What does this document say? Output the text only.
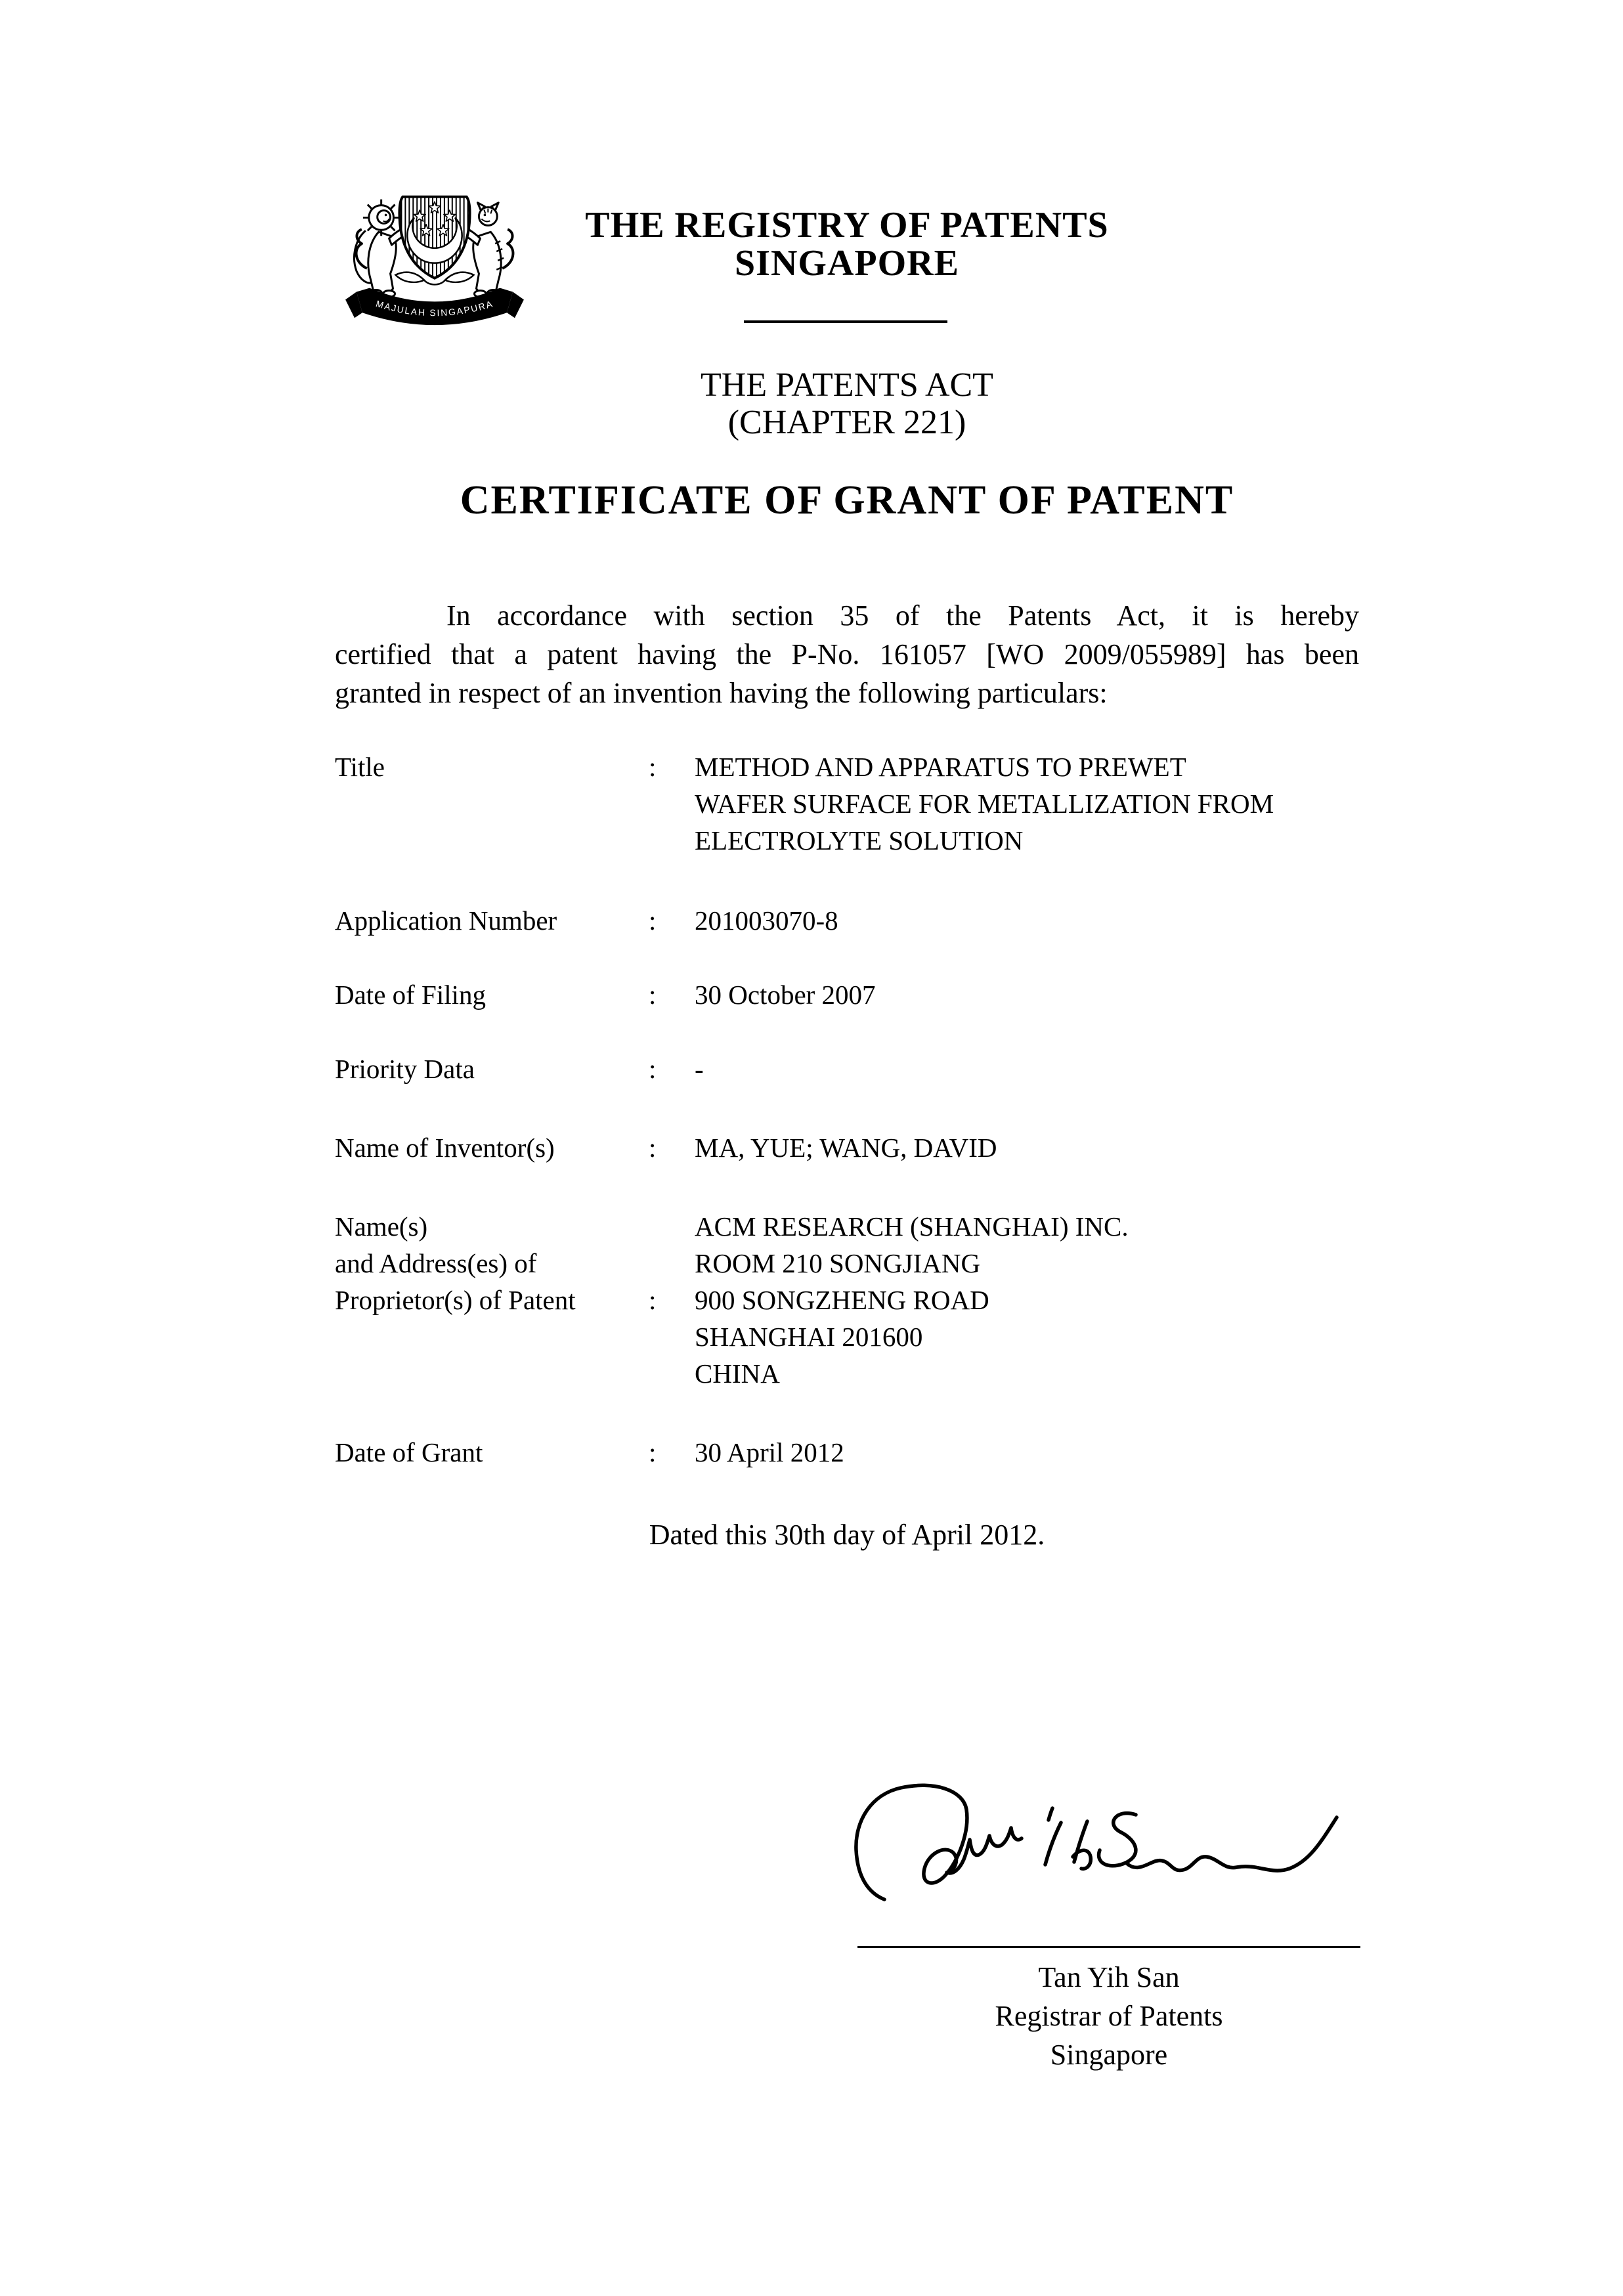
MAJULAH SINGAPURA
THE REGISTRY OF PATENTS
SINGAPORE
THE PATENTS ACT
(CHAPTER 221)
CERTIFICATE OF GRANT OF PATENT
In accordance with section 35 of the Patents Act, it is hereby
certified that a patent having the P-No. 161057 [WO 2009/055989] has been
granted in respect of an invention having the following particulars:
Title	:	METHOD AND APPARATUS TO PREWET
WAFER SURFACE FOR METALLIZATION FROM
ELECTROLYTE SOLUTION
Application Number	:	201003070-8
Date of Filing	:	30 October 2007
Priority Data	:	-
Name of Inventor(s)	:	MA, YUE; WANG, DAVID
Name(s)
and Address(es) of
Proprietor(s) of Patent	:
ACM RESEARCH (SHANGHAI) INC.
ROOM 210 SONGJIANG
900 SONGZHENG ROAD
SHANGHAI 201600
CHINA
Date of Grant	:	30 April 2012
Dated this 30th day of April 2012.
Tan Yih San
Registrar of Patents
Singapore
